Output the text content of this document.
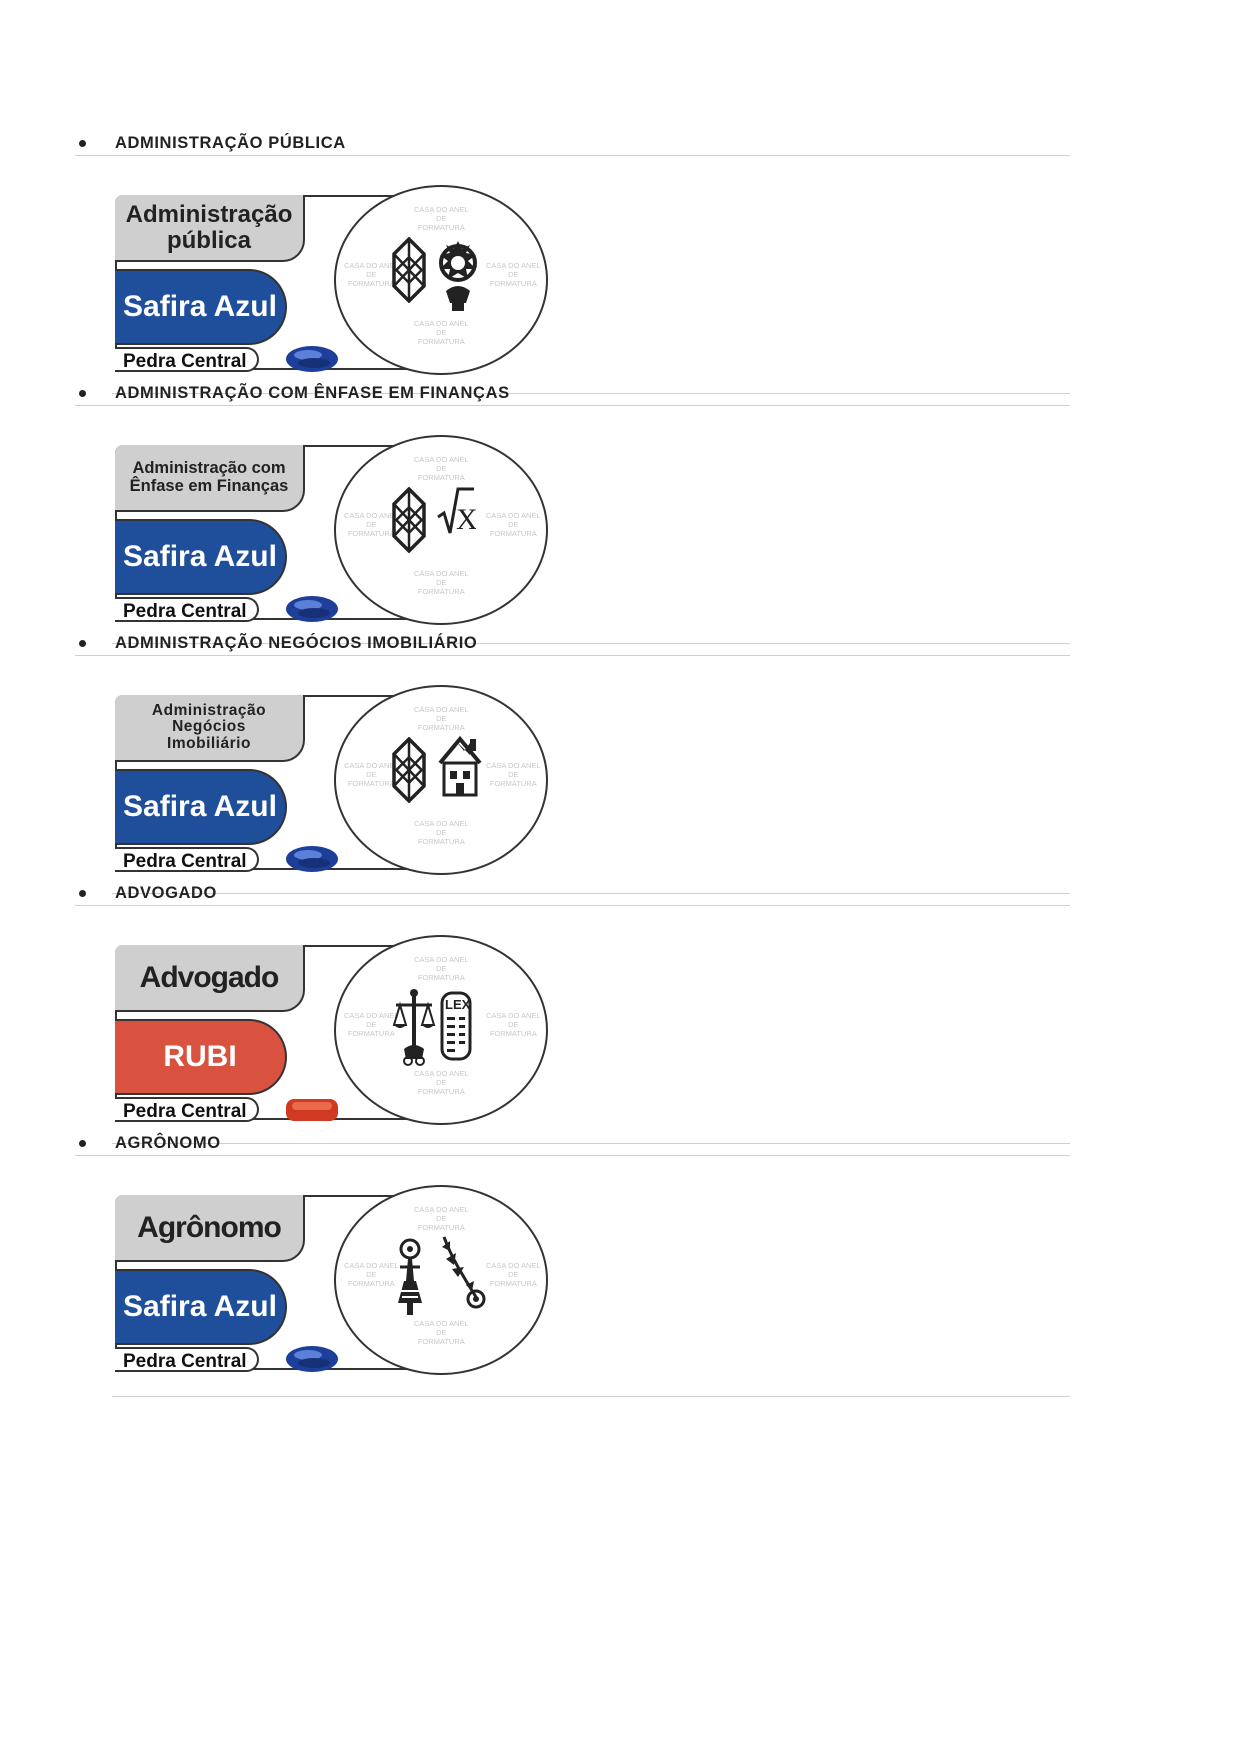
ADMINISTRAÇÃO PÚBLICA
Administração
pública
Safira Azul
Pedra Central
CASA DO ANEL
DE
FORMATURA
CASA DO ANEL
DE
FORMATURA
CASA DO ANEL
DE
FORMATURA
CASA DO ANEL
DE
FORMATURA
ADMINISTRAÇÃO COM ÊNFASE EM FINANÇAS
Administração com
Ênfase em Finanças
Safira Azul
Pedra Central
CASA DO ANEL
DE
FORMATURA
CASA DO ANEL
DE
FORMATURA
CASA DO ANEL
DE
FORMATURA
CASA DO ANEL
DE
FORMATURA
X
ADMINISTRAÇÃO NEGÓCIOS IMOBILIÁRIO
Administração
Negócios
Imobiliário
Safira Azul
Pedra Central
CASA DO ANEL
DE
FORMATURA
CASA DO ANEL
DE
FORMATURA
CASA DO ANEL
DE
FORMATURA
CASA DO ANEL
DE
FORMATURA
ADVOGADO
Advogado
RUBI
Pedra Central
CASA DO ANEL
DE
FORMATURA
CASA DO ANEL
DE
FORMATURA
CASA DO ANEL
DE
FORMATURA
CASA DO ANEL
DE
FORMATURA
LEX
AGRÔNOMO
Agrônomo
Safira Azul
Pedra Central
CASA DO ANEL
DE
FORMATURA
CASA DO ANEL
DE
FORMATURA
CASA DO ANEL
DE
FORMATURA
CASA DO ANEL
DE
FORMATURA
